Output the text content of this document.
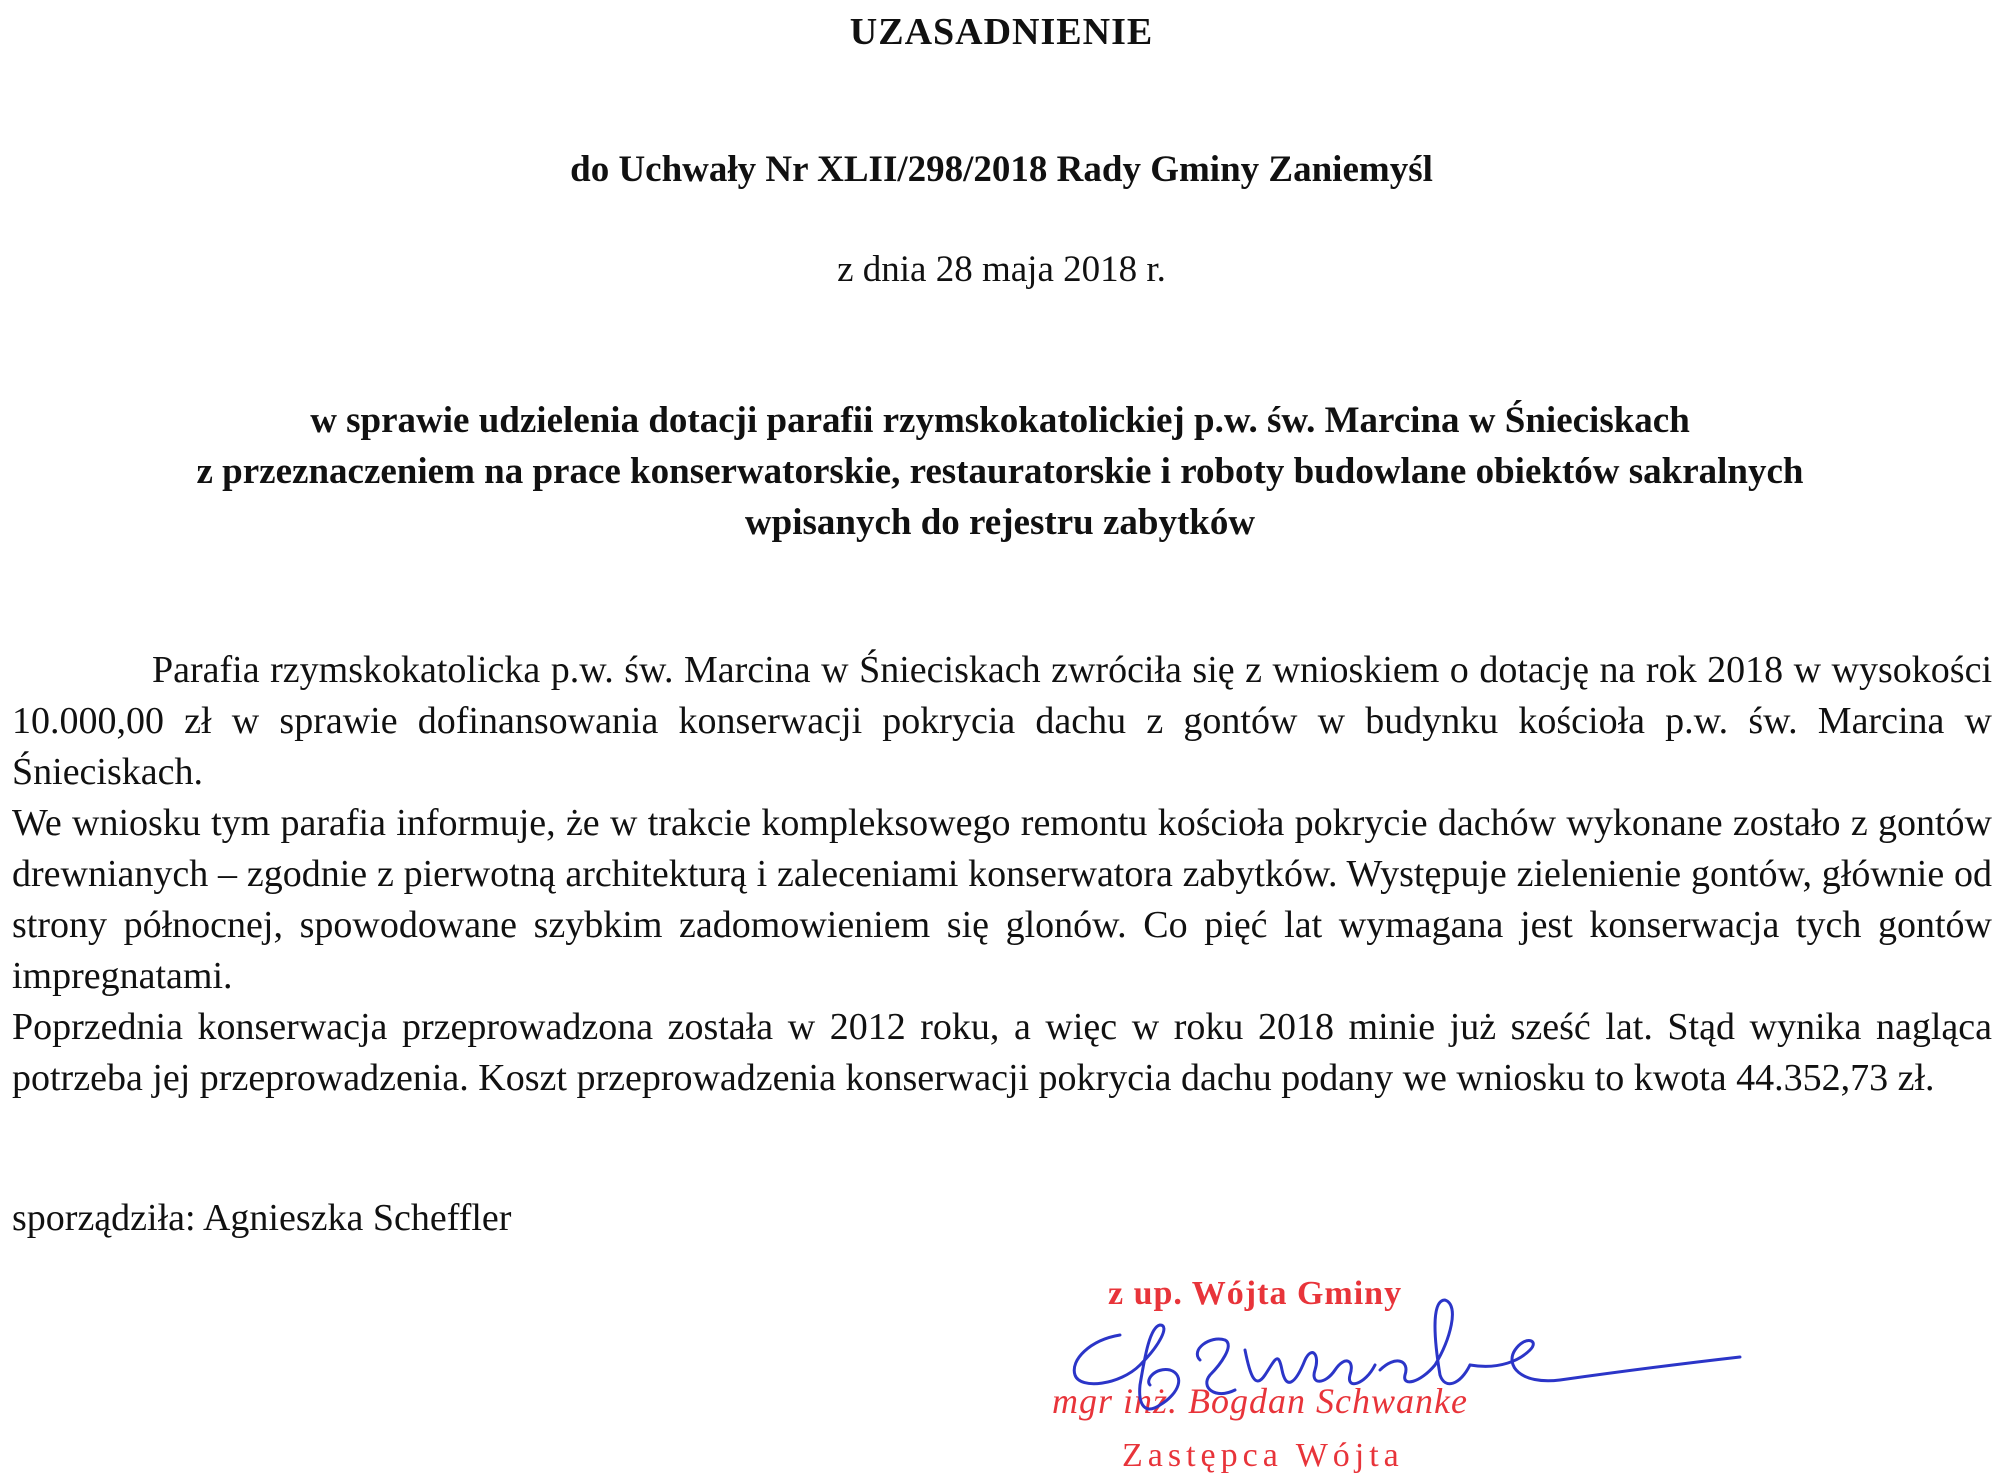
UZASADNIENIE
do Uchwały Nr XLII/298/2018 Rady Gminy Zaniemyśl
z dnia 28 maja 2018 r.
w sprawie udzielenia dotacji parafii rzymskokatolickiej p.w. św. Marcina w Śnieciskach
z przeznaczeniem na prace konserwatorskie, restauratorskie i roboty budowlane obiektów sakralnych
wpisanych do rejestru zabytków

Parafia rzymskokatolicka p.w. św. Marcina w Śnieciskach zwróciła się z wnioskiem o dotację na rok 2018 w wysokości 10.000,00 zł w sprawie dofinansowania konserwacji pokrycia dachu z gontów w budynku kościoła p.w. św. Marcina w Śnieciskach.

We wniosku tym parafia informuje, że w trakcie kompleksowego remontu kościoła pokrycie dachów wykonane zostało z gontów drewnianych – zgodnie z pierwotną architekturą i zaleceniami konserwatora zabytków. Występuje zielenienie gontów, głównie od strony północnej, spowodowane szybkim zadomowieniem się glonów. Co pięć lat wymagana jest konserwacja tych gontów impregnatami.

Poprzednia konserwacja przeprowadzona została w 2012 roku, a więc w roku 2018 minie już sześć lat. Stąd wynika nagląca potrzeba jej przeprowadzenia. Koszt przeprowadzenia konserwacji pokrycia dachu podany we wniosku to kwota 44.352,73 zł.

sporządziła: Agnieszka Scheffler
z up. Wójta Gminy
mgr inż. Bogdan Schwanke
Zastępca Wójta
